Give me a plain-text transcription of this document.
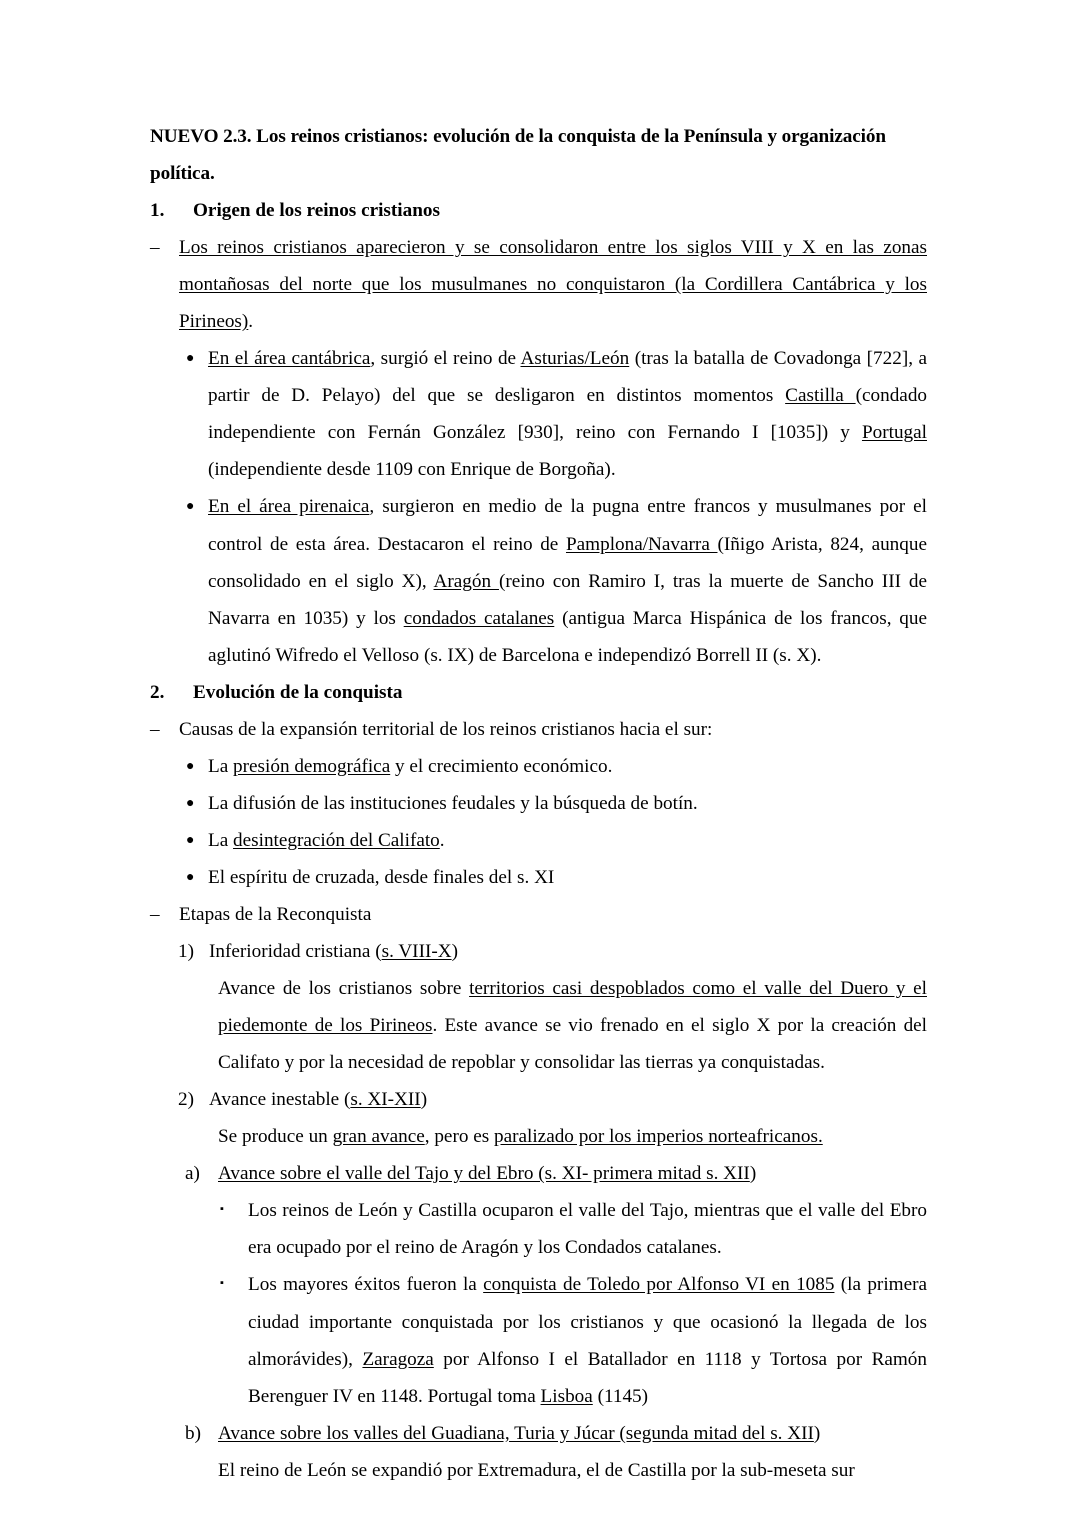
NUEVO 2.3. Los reinos cristianos: evolución de la conquista de la Península y organización política.

1.	Origen de los reinos cristianos
–	Los reinos cristianos aparecieron y se consolidaron entre los siglos VIII y X en las zonas montañosas del norte que los musulmanes no conquistaron (la Cordillera Cantábrica y los Pirineos).
● En el área cantábrica, surgió el reino de Asturias/León (tras la batalla de Covadonga [722], a partir de D. Pelayo) del que se desligaron en distintos momentos Castilla (condado independiente con Fernán González [930], reino con Fernando I [1035]) y Portugal (independiente desde 1109 con Enrique de Borgoña).
● En el área pirenaica, surgieron en medio de la pugna entre francos y musulmanes por el control de esta área. Destacaron el reino de Pamplona/Navarra (Iñigo Arista, 824, aunque consolidado en el siglo X), Aragón (reino con Ramiro I, tras la muerte de Sancho III de Navarra en 1035) y los condados catalanes (antigua Marca Hispánica de los francos, que aglutinó Wifredo el Velloso (s. IX) de Barcelona e independizó Borrell II (s. X).
2.	Evolución de la conquista
–	Causas de la expansión territorial de los reinos cristianos hacia el sur:
● La presión demográfica y el crecimiento económico.
● La difusión de las instituciones feudales y la búsqueda de botín.
● La desintegración del Califato.
● El espíritu de cruzada, desde finales del s. XI
–	Etapas de la Reconquista
1) Inferioridad cristiana (s. VIII-X)

Avance de los cristianos sobre territorios casi despoblados como el valle del Duero y el piedemonte de los Pirineos. Este avance se vio frenado en el siglo X por la creación del Califato y por la necesidad de repoblar y consolidar las tierras ya conquistadas.

2) Avance inestable (s. XI-XII)

Se produce un gran avance, pero es paralizado por los imperios norteafricanos.

a) Avance sobre el valle del Tajo y del Ebro (s. XI- primera mitad s. XII)
▪	Los reinos de León y Castilla ocuparon el valle del Tajo, mientras que el valle del Ebro era ocupado por el reino de Aragón y los Condados catalanes.
▪	Los mayores éxitos fueron la conquista de Toledo por Alfonso VI en 1085 (la primera ciudad importante conquistada por los cristianos y que ocasionó la llegada de los almorávides), Zaragoza por Alfonso I el Batallador en 1118 y Tortosa por Ramón Berenguer IV en 1148. Portugal toma Lisboa (1145)
b) Avance sobre los valles del Guadiana, Turia y Júcar (segunda mitad del s. XII)

El reino de León se expandió por Extremadura, el de Castilla por la sub-meseta sur
